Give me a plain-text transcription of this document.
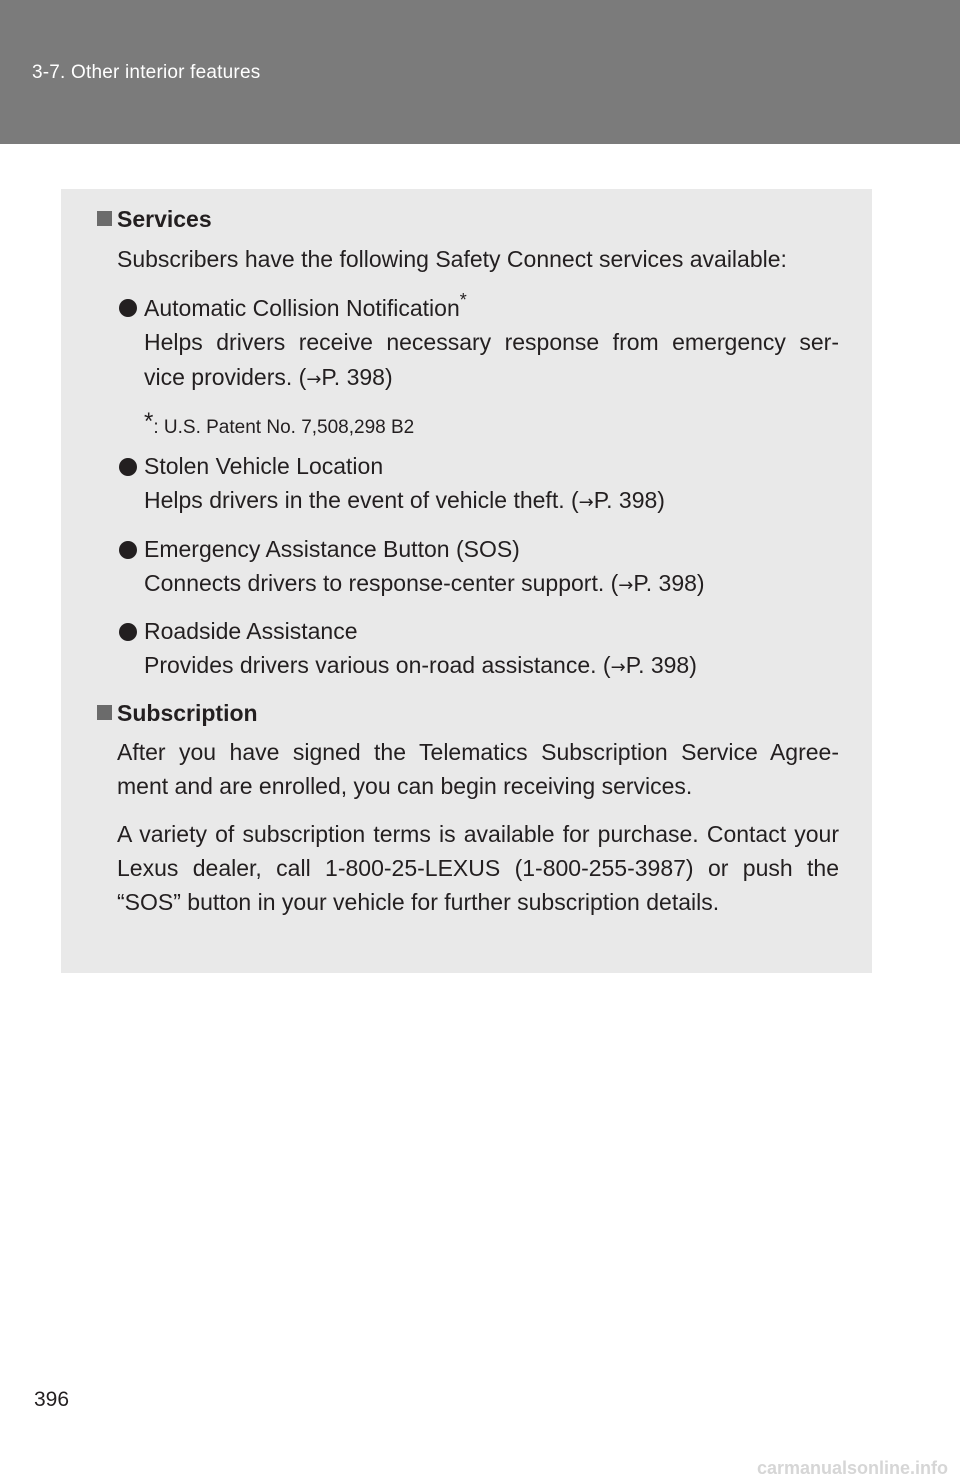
3-7. Other interior features
Services
Subscribers have the following Safety Connect services available:
Automatic Collision Notification*
Helps drivers receive necessary response from emergency ser-
vice providers. (→P. 398)
*: U.S. Patent No. 7,508,298 B2
Stolen Vehicle Location
Helps drivers in the event of vehicle theft. (→P. 398)
Emergency Assistance Button (SOS)
Connects drivers to response-center support. (→P. 398)
Roadside Assistance
Provides drivers various on-road assistance. (→P. 398)
Subscription
After you have signed the Telematics Subscription Service Agree-
ment and are enrolled, you can begin receiving services.
A variety of subscription terms is available for purchase. Contact your Lexus dealer, call 1-800-25-LEXUS (1-800-255-3987) or push the “SOS” button in your vehicle for further subscription details.
396
carmanualsonline.info
